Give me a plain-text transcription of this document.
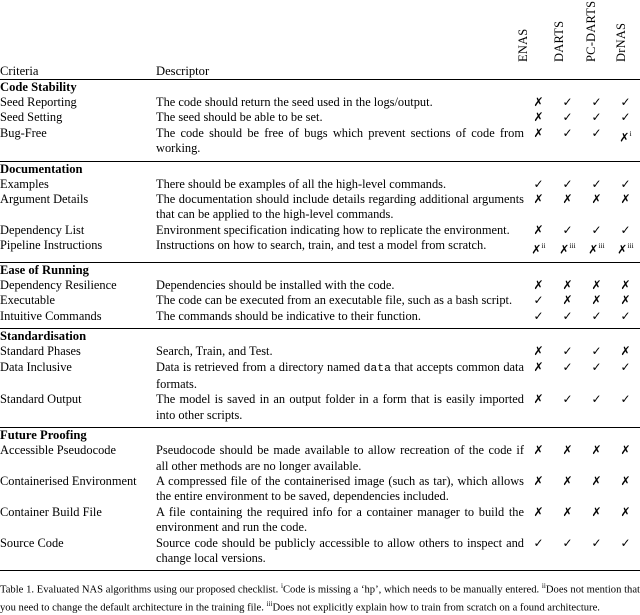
ENAS DARTS PC-DARTS DrNAS
Criteria	Descriptor				

Code Stability					
Seed Reporting	The code should return the seed used in the logs/output.	✗	✓	✓	✓
Seed Setting	The seed should be able to be set.	✗	✓	✓	✓
Bug-Free	The code should be free of bugs which prevent sections of code from working.	✗	✓	✓	✗$^i$

Documentation					
Examples	There should be examples of all the high-level commands.	✓	✓	✓	✓
Argument Details	The documentation should include details regarding additional arguments that can be applied to the high-level commands.	✗	✗	✗	✗
Dependency List	Environment specification indicating how to replicate the environment.	✗	✓	✓	✓
Pipeline Instructions	Instructions on how to search, train, and test a model from scratch.	✗$^{ii}$	✗$^{iii}$	✗$^{iii}$	✗$^{iii}$

Ease of Running					
Dependency Resilience	Dependencies should be installed with the code.	✗	✗	✗	✗
Executable	The code can be executed from an executable file, such as a bash script.	✓	✗	✗	✗
Intuitive Commands	The commands should be indicative to their function.	✓	✓	✓	✓

Standardisation					
Standard Phases	Search, Train, and Test.	✗	✓	✓	✗
Data Inclusive	Data is retrieved from a directory named data that accepts common data formats.	✗	✓	✓	✓
Standard Output	The model is saved in an output folder in a form that is easily imported into other scripts.	✗	✓	✓	✓

Future Proofing					
Accessible Pseudocode	Pseudocode should be made available to allow recreation of the code if all other methods are no longer available.	✗	✗	✗	✗
Containerised Environment	A compressed file of the containerised image (such as tar), which allows the entire environment to be saved, dependencies included.	✗	✗	✗	✗
Container Build File	A file containing the required info for a container manager to build the environment and run the code.	✗	✗	✗	✗
Source Code	Source code should be publicly accessible to allow others to inspect and change local versions.	✓	✓	✓	✓

Table 1. Evaluated NAS algorithms using our proposed checklist. $^i$Code is missing a ‘hp’, which needs to be manually entered. $^{ii}$Does not mention that you need to change the default architecture in the training file. $^{iii}$Does not explicitly explain how to train from scratch on a found architecture.
